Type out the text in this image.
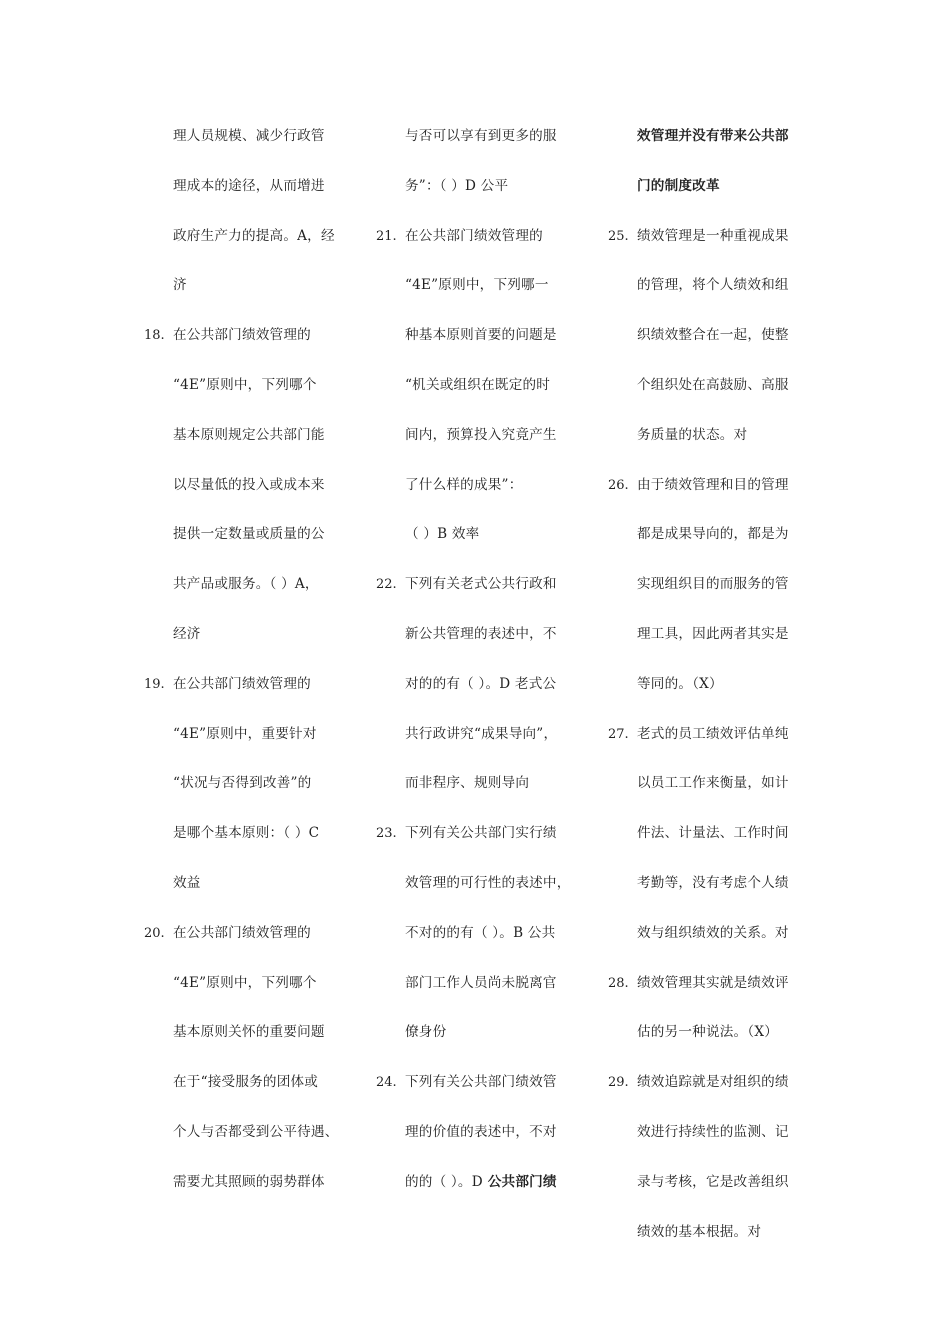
理人员规模、减少行政管
理成本的途径，从而增进
政府生产力的提高。A，经
济
18. 在公共部门绩效管理的
“4E”原则中，下列哪个
基本原则规定公共部门能
以尽量低的投入或成本来
提供一定数量或质量的公
共产品或服务。（ ）A，
经济
19. 在公共部门绩效管理的
“4E”原则中，重要针对
“状况与否得到改善”的
是哪个基本原则：（ ）C
效益
20. 在公共部门绩效管理的
“4E”原则中，下列哪个
基本原则关怀的重要问题
在于“接受服务的团体或
个人与否都受到公平待遇、
需要尤其照顾的弱势群体
与否可以享有到更多的服
务”：（ ）D 公平
21. 在公共部门绩效管理的
“4E”原则中，下列哪一
种基本原则首要的问题是
“机关或组织在既定的时
间内，预算投入究竟产生
了什么样的成果”：
（ ）B 效率
22. 下列有关老式公共行政和
新公共管理的表述中，不
对的的有（ ）。D 老式公
共行政讲究“成果导向”，
而非程序、规则导向
23. 下列有关公共部门实行绩
效管理的可行性的表述中，
不对的的有（ ）。B 公共
部门工作人员尚未脱离官
僚身份
24. 下列有关公共部门绩效管
理的价值的表述中，不对
的的（ ）。D 公共部门绩
效管理并没有带来公共部
门的制度改革
25. 绩效管理是一种重视成果
的管理，将个人绩效和组
织绩效整合在一起，使整
个组织处在高鼓励、高服
务质量的状态。对
26. 由于绩效管理和目的管理
都是成果导向的，都是为
实现组织目的而服务的管
理工具，因此两者其实是
等同的。（X）
27. 老式的员工绩效评估单纯
以员工工作来衡量，如计
件法、计量法、工作时间
考勤等，没有考虑个人绩
效与组织绩效的关系。对
28. 绩效管理其实就是绩效评
估的另一种说法。（X）
29. 绩效追踪就是对组织的绩
效进行持续性的监测、记
录与考核，它是改善组织
绩效的基本根据。对
